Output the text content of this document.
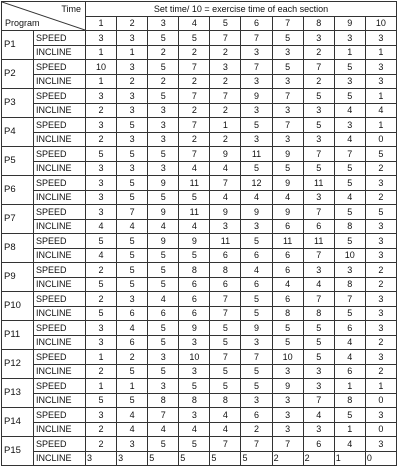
Time
Program		Set time/ 10 = exercise time of each section									
		1	2	3	4	5	6	7	8	9	10
P1	SPEED	3	3	5	5	7	7	5	3	3	3
	INCLINE	1	1	2	2	2	3	3	2	1	1
P2	SPEED	10	3	5	7	3	7	5	7	5	3
	INCLINE	1	2	2	2	2	3	3	2	3	3
P3	SPEED	3	3	5	7	7	9	7	5	5	1
	INCLINE	2	3	3	2	2	3	3	3	4	4
P4	SPEED	3	5	3	7	1	5	7	5	3	1
	INCLINE	2	3	3	2	2	3	3	3	4	0
P5	SPEED	5	5	5	7	9	11	9	7	7	5
	INCLINE	3	3	3	4	4	5	5	5	5	2
P6	SPEED	3	5	9	11	7	12	9	11	5	3
	INCLINE	3	5	5	5	4	4	4	3	4	2
P7	SPEED	3	7	9	11	9	9	9	7	5	5
	INCLINE	4	4	4	4	3	3	6	6	8	3
P8	SPEED	5	5	9	9	11	5	11	11	5	3
	INCLINE	4	5	5	5	6	6	6	7	10	3
P9	SPEED	2	5	5	8	8	4	6	3	3	2
	INCLINE	5	5	5	6	6	6	4	4	8	2
P10	SPEED	2	3	4	6	7	5	6	7	7	3
	INCLINE	5	6	6	6	7	5	8	8	5	3
P11	SPEED	3	4	5	9	5	9	5	5	6	3
	INCLINE	3	6	5	3	5	3	5	5	4	2
P12	SPEED	1	2	3	10	7	7	10	5	4	3
	INCLINE	2	5	5	3	5	5	3	3	6	2
P13	SPEED	1	1	3	5	5	5	9	3	1	1
	INCLINE	5	5	8	8	8	3	3	7	8	0
P14	SPEED	3	4	7	3	4	6	3	4	5	3
	INCLINE	2	4	4	4	4	2	3	3	1	0
P15	SPEED	2	3	5	5	7	7	7	6	4	3
	INCLINE	3	3	5	5	5	5	2	2	1	0
